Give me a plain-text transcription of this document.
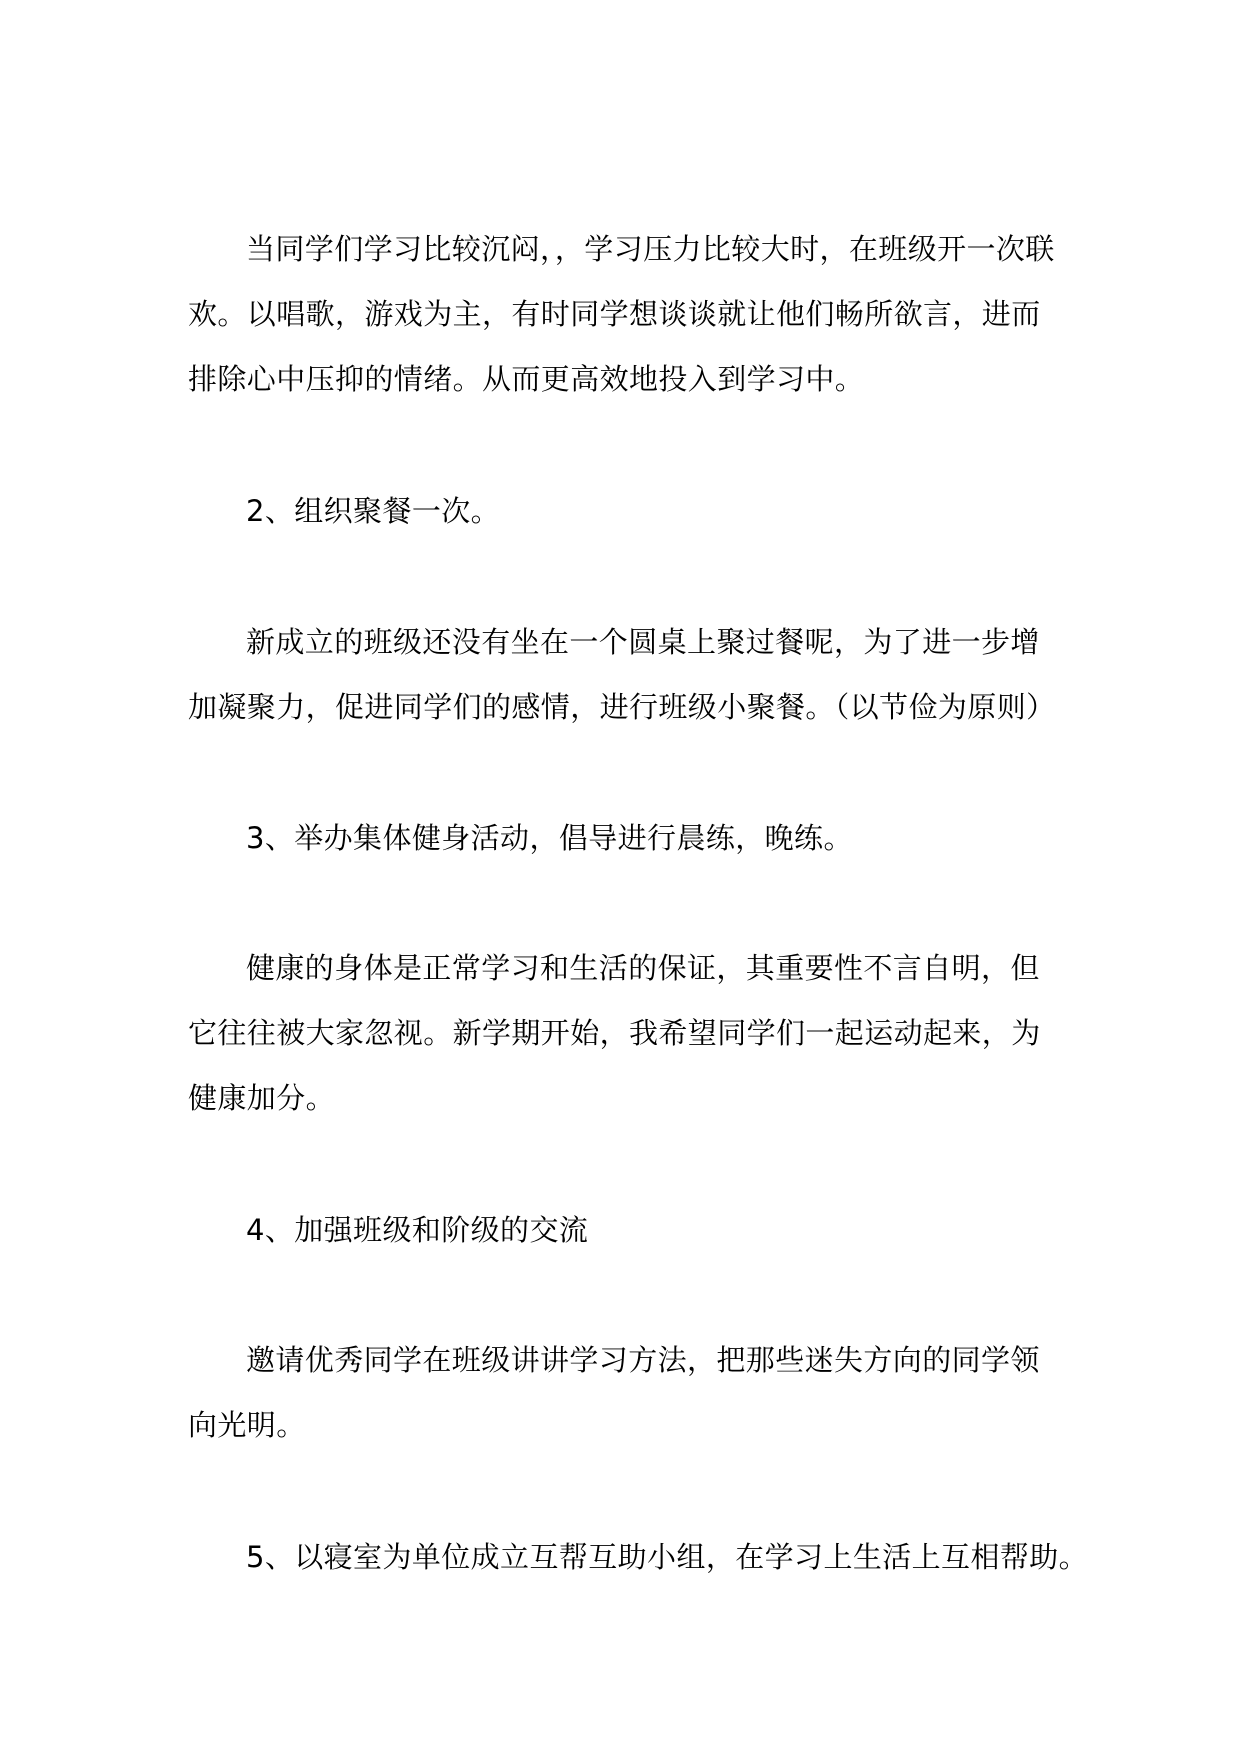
当同学们学习比较沉闷，，学习压力比较大时，在班级开一次联欢。以唱歌，游戏为主，有时同学想谈谈就让他们畅所欲言，进而排除心中压抑的情绪。从而更高效地投入到学习中。

2、组织聚餐一次。

新成立的班级还没有坐在一个圆桌上聚过餐呢，为了进一步增加凝聚力，促进同学们的感情，进行班级小聚餐。（以节俭为原则）

3、举办集体健身活动，倡导进行晨练，晚练。

健康的身体是正常学习和生活的保证，其重要性不言自明，但它往往被大家忽视。新学期开始，我希望同学们一起运动起来，为健康加分。

4、加强班级和阶级的交流

邀请优秀同学在班级讲讲学习方法，把那些迷失方向的同学领向光明。

5、以寝室为单位成立互帮互助小组，在学习上生活上互相帮助。
